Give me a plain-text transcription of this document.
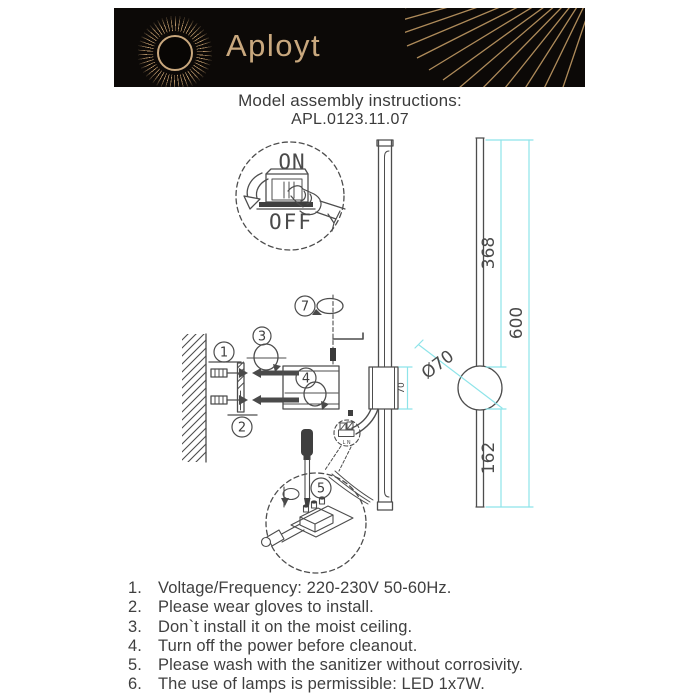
Aployt
Model assembly instructions:
APL.0123.11.07
1
2
3
4
5
7
ON
OFF
368
600
162
Ø70
70
L N
1. Voltage/Frequency: 220-230V 50-60Hz.
2. Please wear gloves to install.
3. Don`t install it on the moist ceiling.
4. Turn off the power before cleanout.
5. Please wash with the sanitizer without corrosivity.
6. The use of lamps is permissible: LED 1x7W.
